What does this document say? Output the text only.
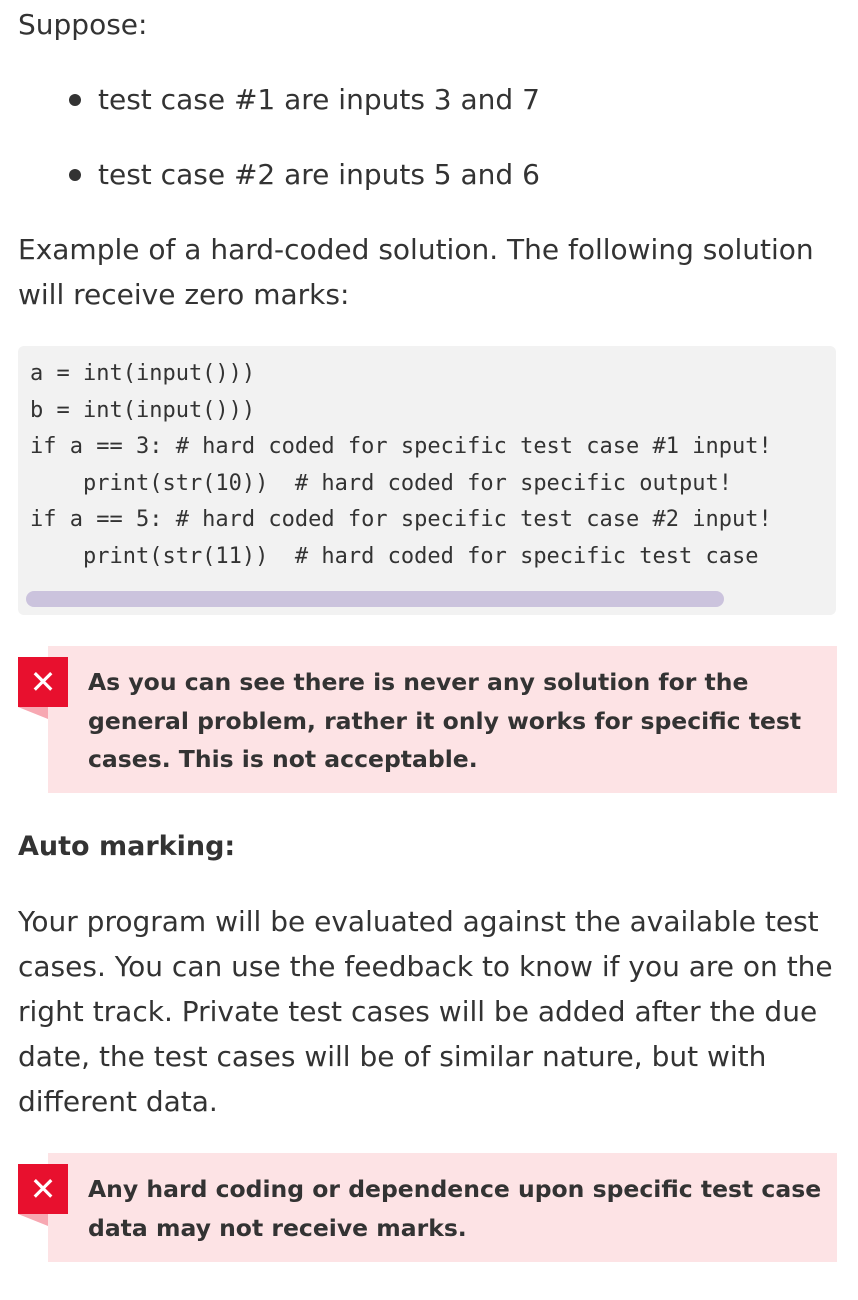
Suppose:

test case #1 are inputs 3 and 7
test case #2 are inputs 5 and 6

Example of a hard-coded solution. The following solution will receive zero marks:

a = int(input()))
b = int(input()))
if a == 3: # hard coded for specific test case #1 input!
print(str(10))  # hard coded for specific output!
if a == 5: # hard coded for specific test case #2 input!
print(str(11))  # hard coded for specific test case

As you can see there is never any solution for the general problem, rather it only works for specific test cases. This is not acceptable.

✕
Auto marking:

Your program will be evaluated against the available test cases. You can use the feedback to know if you are on the right track. Private test cases will be added after the due date, the test cases will be of similar nature, but with different data.

Any hard coding or dependence upon specific test case data may not receive marks.

✕
